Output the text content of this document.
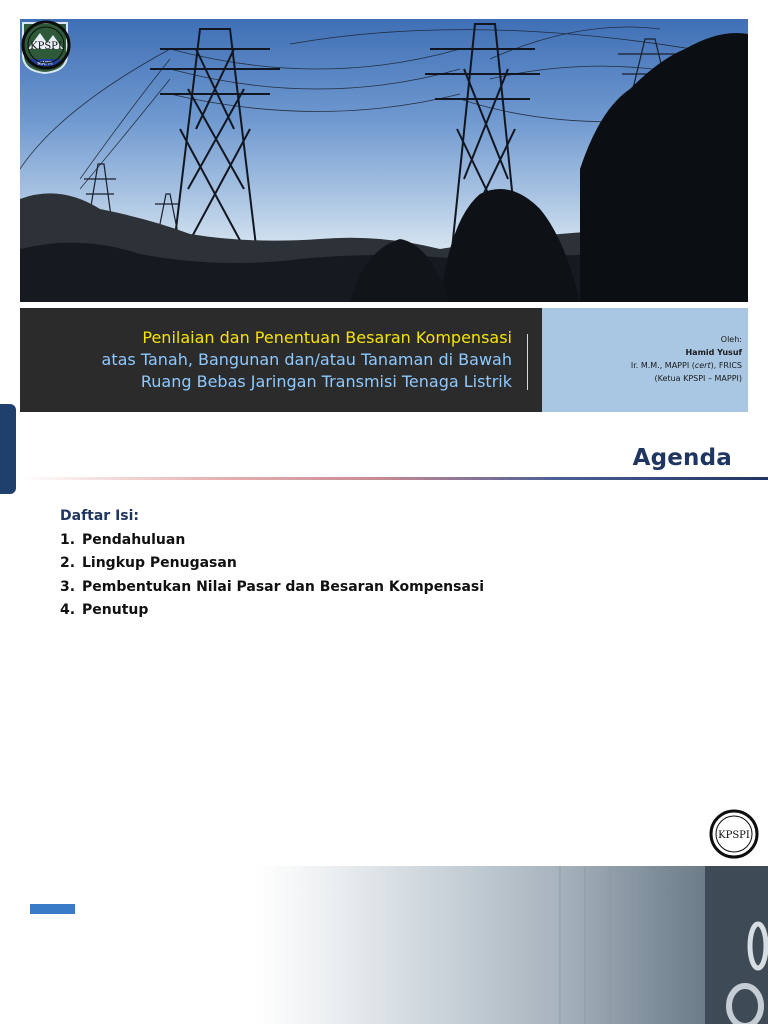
MAPPI
KPSPI
Penilaian dan Penentuan Besaran Kompensasi
atas Tanah, Bangunan dan/atau Tanaman di Bawah
Ruang Bebas Jaringan Transmisi Tenaga Listrik
Oleh:
Hamid Yusuf
Ir. M.M., MAPPI (cert), FRICS
(Ketua KPSPI – MAPPI)
Agenda
Daftar Isi:
1. Pendahuluan
2. Lingkup Penugasan
3. Pembentukan Nilai Pasar dan Besaran Kompensasi
4. Penutup
KPSPI
